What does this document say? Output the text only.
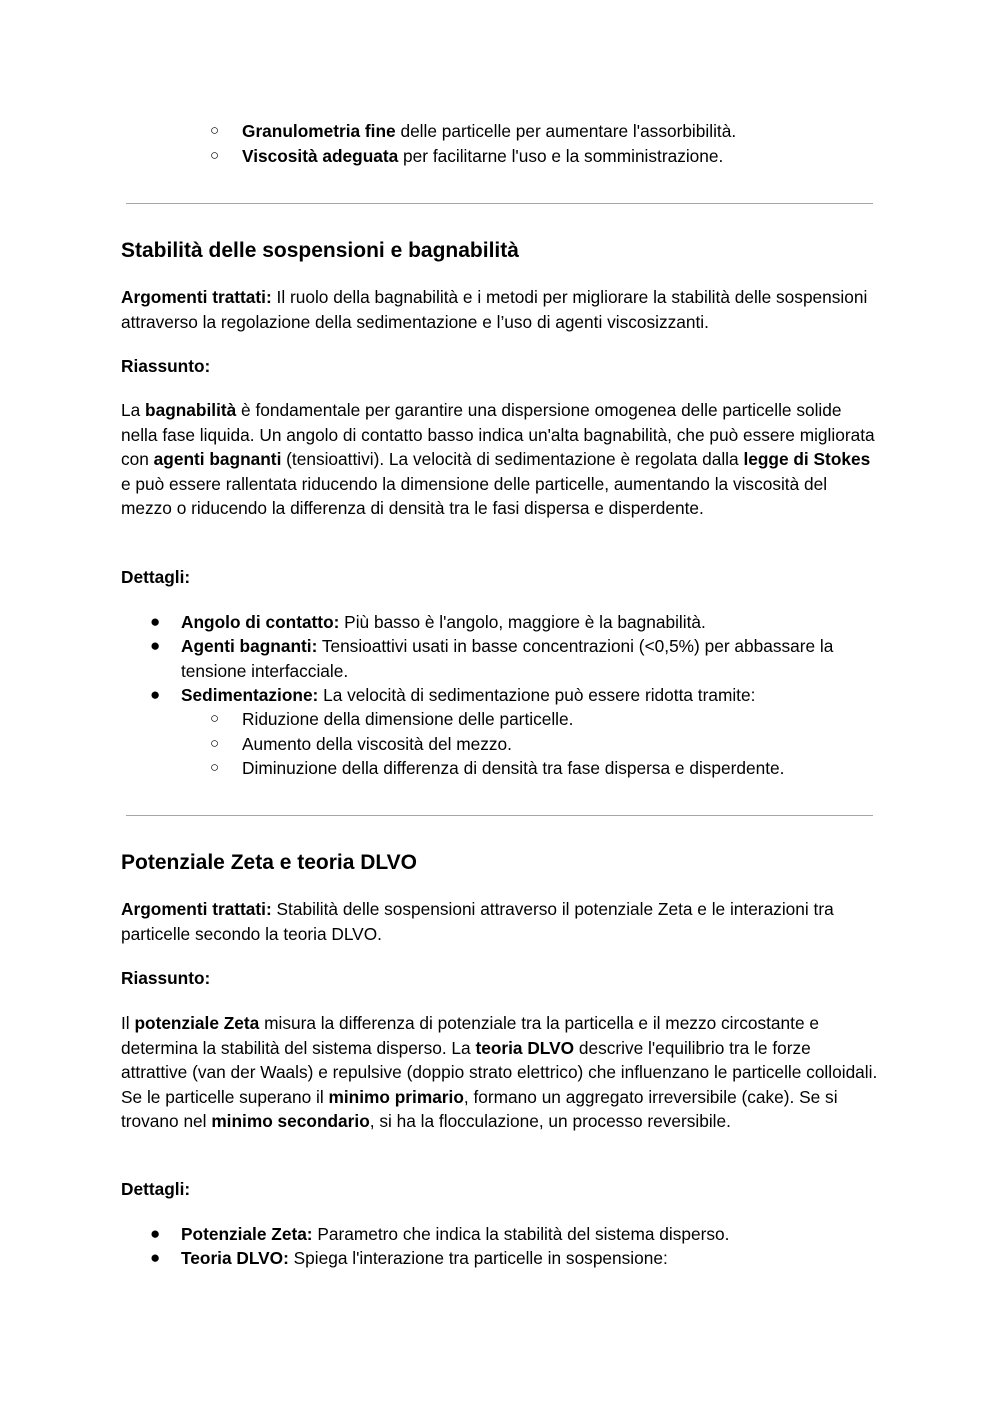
○ Granulometria fine delle particelle per aumentare l'assorbibilità.

○ Viscosità adeguata per facilitarne l'uso e la somministrazione.

Stabilità delle sospensioni e bagnabilità

Argomenti trattati: Il ruolo della bagnabilità e i metodi per migliorare la stabilità delle sospensioni attraverso la regolazione della sedimentazione e l’uso di agenti viscosizzanti.

Riassunto:

La bagnabilità è fondamentale per garantire una dispersione omogenea delle particelle solide nella fase liquida. Un angolo di contatto basso indica un'alta bagnabilità, che può essere migliorata con agenti bagnanti (tensioattivi). La velocità di sedimentazione è regolata dalla legge di Stokes e può essere rallentata riducendo la dimensione delle particelle, aumentando la viscosità del mezzo o riducendo la differenza di densità tra le fasi dispersa e disperdente.

Dettagli:

● Angolo di contatto: Più basso è l'angolo, maggiore è la bagnabilità.

● Agenti bagnanti: Tensioattivi usati in basse concentrazioni (<0,5%) per abbassare la tensione interfacciale.

● Sedimentazione: La velocità di sedimentazione può essere ridotta tramite:

○ Riduzione della dimensione delle particelle.

○ Aumento della viscosità del mezzo.

○ Diminuzione della differenza di densità tra fase dispersa e disperdente.

Potenziale Zeta e teoria DLVO

Argomenti trattati: Stabilità delle sospensioni attraverso il potenziale Zeta e le interazioni tra particelle secondo la teoria DLVO.

Riassunto:

Il potenziale Zeta misura la differenza di potenziale tra la particella e il mezzo circostante e determina la stabilità del sistema disperso. La teoria DLVO descrive l'equilibrio tra le forze attrattive (van der Waals) e repulsive (doppio strato elettrico) che influenzano le particelle colloidali. Se le particelle superano il minimo primario, formano un aggregato irreversibile (cake). Se si trovano nel minimo secondario, si ha la flocculazione, un processo reversibile.

Dettagli:

● Potenziale Zeta: Parametro che indica la stabilità del sistema disperso.

● Teoria DLVO: Spiega l'interazione tra particelle in sospensione:
